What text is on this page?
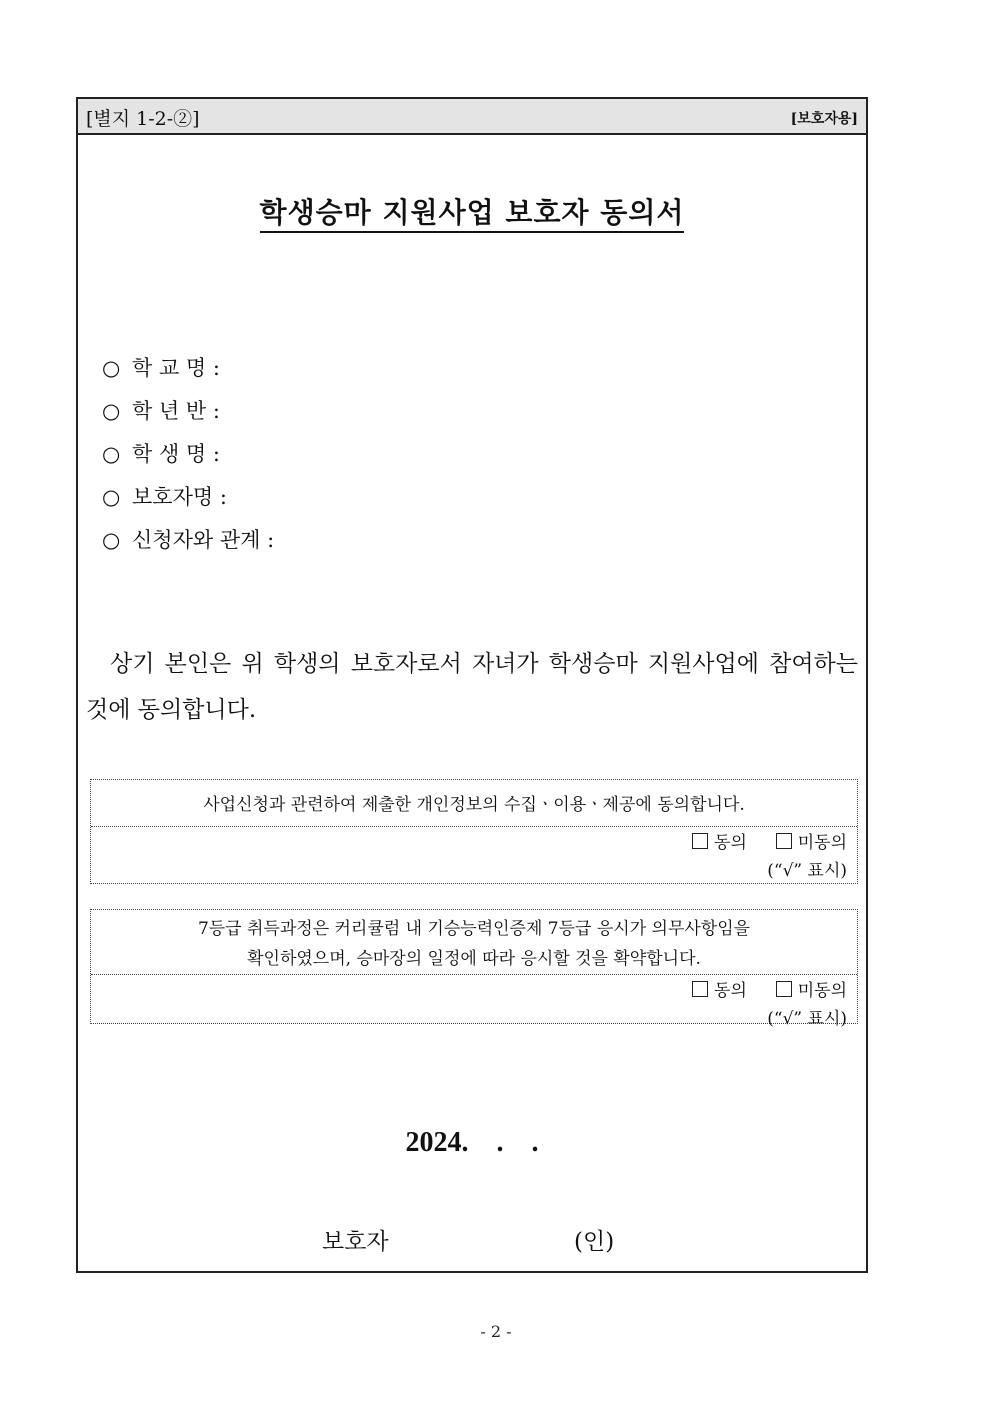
[별지 1-2-②]	[보호자용]
학생승마 지원사업 보호자 동의서
○ 학 교 명 :
○ 학 년 반 :
○ 학 생 명 :
○ 보호자명 :
○ 신청자와 관계 :
상기 본인은 위 학생의 보호자로서 자녀가 학생승마 지원사업에 참여하는 것에 동의합니다.
사업신청과 관련하여 제출한 개인정보의 수집ㆍ이용ㆍ제공에 동의합니다.
동의	미동의
(“√” 표시)
7등급 취득과정은 커리큘럼 내 기승능력인증제 7등급 응시가 의무사항임을
확인하였으며, 승마장의 일정에 따라 응시할 것을 확약합니다.
동의	미동의
(“√” 표시)
2024.    .    .
보호자	(인)
- 2 -
